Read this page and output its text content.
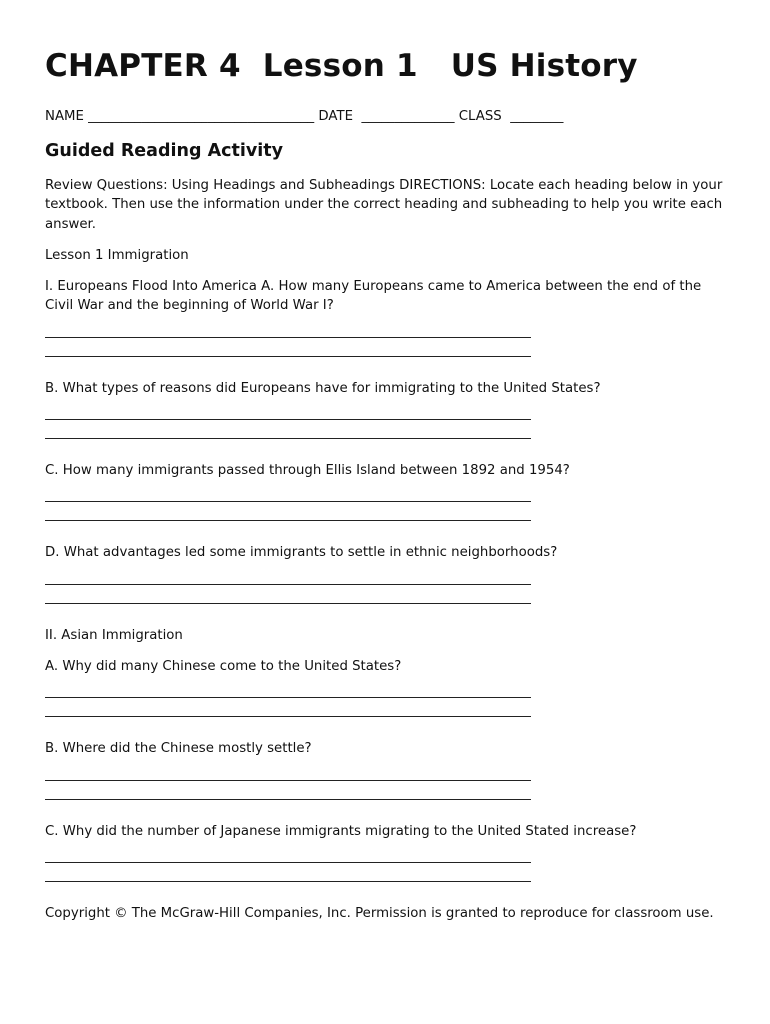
CHAPTER 4  Lesson 1   US History
NAME __________________________________ DATE  ______________ CLASS  ________
Guided Reading Activity

Review Questions: Using Headings and Subheadings DIRECTIONS: Locate each heading below in your textbook. Then use the information under the correct heading and subheading to help you write each answer.

Lesson 1 Immigration

I. Europeans Flood Into America A. How many Europeans came to America between the end of the Civil War and the beginning of World War I?

B. What types of reasons did Europeans have for immigrating to the United States?

C. How many immigrants passed through Ellis Island between 1892 and 1954?

D. What advantages led some immigrants to settle in ethnic neighborhoods?

II. Asian Immigration

A. Why did many Chinese come to the United States?

B. Where did the Chinese mostly settle?

C. Why did the number of Japanese immigrants migrating to the United Stated increase?

Copyright © The McGraw-Hill Companies, Inc. Permission is granted to reproduce for classroom use.
